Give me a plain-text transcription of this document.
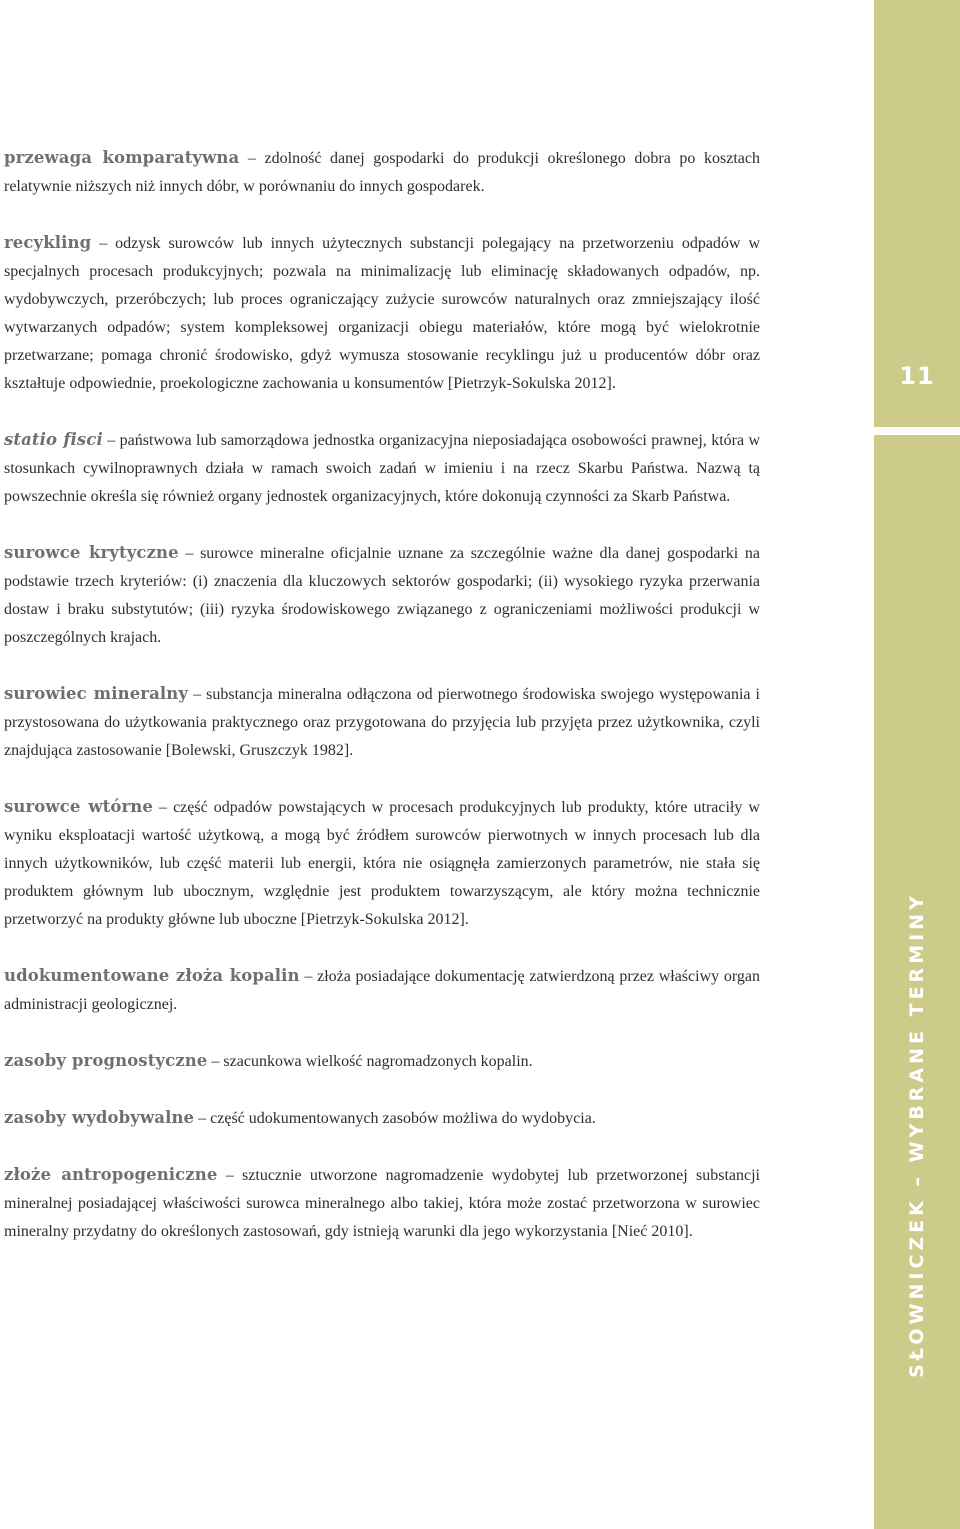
przewaga komparatywna – zdolność danej gospodarki do produkcji określonego dobra po kosztach relatywnie niższych niż innych dóbr, w porównaniu do innych gospodarek.

recykling – odzysk surowców lub innych użytecznych substancji polegający na przetworzeniu odpadów w specjalnych procesach produkcyjnych; pozwala na minimalizację lub eliminację składowanych odpadów, np. wydobywczych, przeróbczych; lub proces ograniczający zużycie surowców naturalnych oraz zmniejszający ilość wytwarzanych odpadów; system kompleksowej organizacji obiegu materiałów, które mogą być wielokrotnie przetwarzane; pomaga chronić środowisko, gdyż wymusza stosowanie recyklingu już u producentów dóbr oraz kształtuje odpowiednie, proekologiczne zachowania u konsumentów [Pietrzyk-Sokulska 2012].

statio fisci – państwowa lub samorządowa jednostka organizacyjna nieposiadająca osobowości prawnej, która w stosunkach cywilnoprawnych działa w ramach swoich zadań w imieniu i na rzecz Skarbu Państwa. Nazwą tą powszechnie określa się również organy jednostek organizacyjnych, które dokonują czynności za Skarb Państwa.

surowce krytyczne – surowce mineralne oficjalnie uznane za szczególnie ważne dla danej gospodarki na podstawie trzech kryteriów: (i) znaczenia dla kluczowych sektorów gospodarki; (ii) wysokiego ryzyka przerwania dostaw i braku substytutów; (iii) ryzyka środowiskowego związanego z ograniczeniami możliwości produkcji w poszczególnych krajach.

surowiec mineralny – substancja mineralna odłączona od pierwotnego środowiska swojego występowania i przystosowana do użytkowania praktycznego oraz przygotowana do przyjęcia lub przyjęta przez użytkownika, czyli znajdująca zastosowanie [Bolewski, Gruszczyk 1982].

surowce wtórne – część odpadów powstających w procesach produkcyjnych lub produkty, które utraciły w wyniku eksploatacji wartość użytkową, a mogą być źródłem surowców pierwotnych w innych procesach lub dla innych użytkowników, lub część materii lub energii, która nie osiągnęła zamierzonych parametrów, nie stała się produktem głównym lub ubocznym, względnie jest produktem towarzyszącym, ale który można technicznie przetworzyć na produkty główne lub uboczne [Pietrzyk-Sokulska 2012].

udokumentowane złoża kopalin – złoża posiadające dokumentację zatwierdzoną przez właściwy organ administracji geologicznej.

zasoby prognostyczne – szacunkowa wielkość nagromadzonych kopalin.

zasoby wydobywalne – część udokumentowanych zasobów możliwa do wydobycia.

złoże antropogeniczne – sztucznie utworzone nagromadzenie wydobytej lub przetworzonej substancji mineralnej posiadającej właściwości surowca mineralnego albo takiej, która może zostać przetworzona w surowiec mineralny przydatny do określonych zastosowań, gdy istnieją warunki dla jego wykorzystania [Nieć 2010].

11
SŁOWNICZEK – WYBRANE TERMINY
